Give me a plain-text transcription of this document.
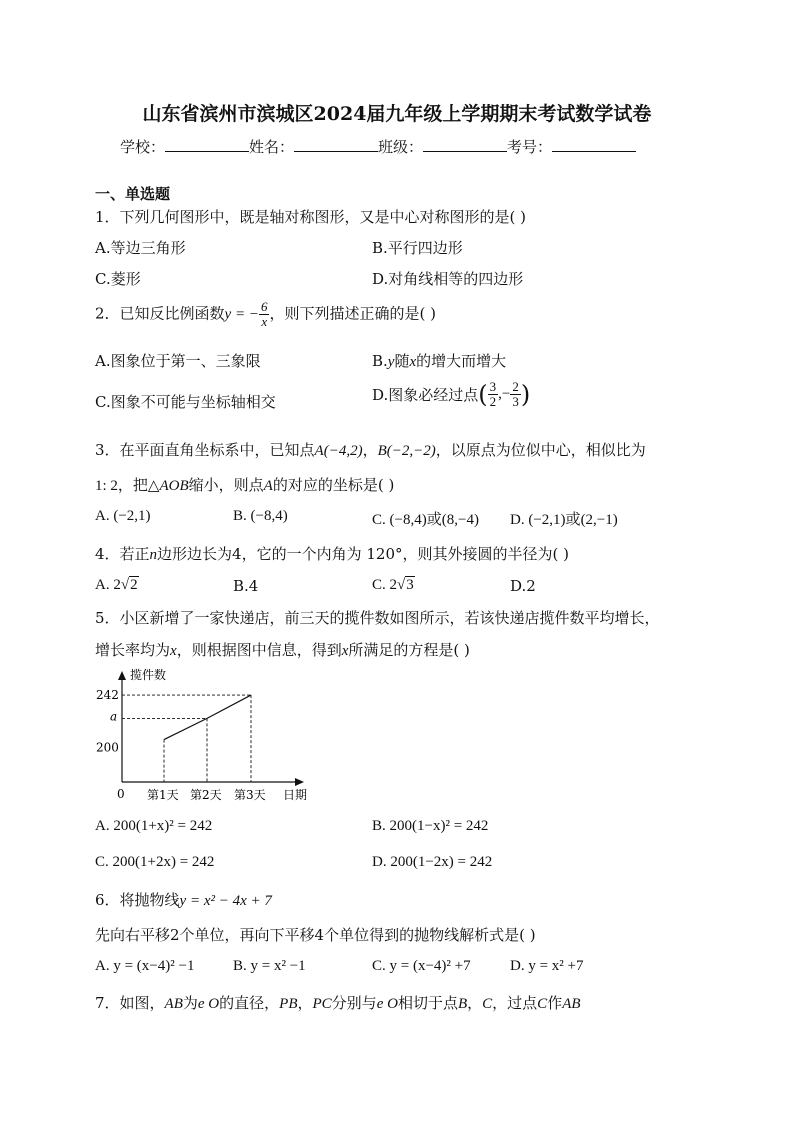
山东省滨州市滨城区2024届九年级上学期期末考试数学试卷
学校：	姓名：	班级：	考号：
一、单选题
1．下列几何图形中，既是轴对称图形，又是中心对称图形的是( )
A.等边三角形	B.平行四边形
C.菱形	D.对角线相等的四边形
2．已知反比例函数y = − $\frac{6}{x}$ ，则下列描述正确的是( )
A.图象位于第一、三象限	B.y随x的增大而增大
C.图象不可能与坐标轴相交	D.图象必经过点( $\frac{3}{2}$ ,− $\frac{2}{3}$ )
3．在平面直角坐标系中，已知点A(−4,2)，B(−2,−2)，以原点为位似中心，相似比为
1: 2，把△AOB缩小，则点A的对应的坐标是( )
A. (−2,1)	B. (−8,4)	C. (−8,4)或(8,−4) D. (−2,1)或(2,−1)
4．若正n边形边长为4，它的一个内角为 120°，则其外接圆的半径为( )
A. 2√2	B.4	C. 2√3	D.2
5．小区新增了一家快递店，前三天的揽件数如图所示，若该快递店揽件数平均增长，
增长率均为x，则根据图中信息，得到x所满足的方程是( )
揽件数
日期
0
242
a
200
第1天 第2天 第3天
A. 200(1+x)² = 242	B. 200(1−x)² = 242
C. 200(1+2x) = 242	D. 200(1−2x) = 242
6．将抛物线y = x² − 4x + 7
先向右平移2个单位，再向下平移4个单位得到的抛物线解析式是( )
A. y = (x−4)² −1	B. y = x² −1	C. y = (x−4)² +7	D. y = x² +7
7．如图，AB为e O的直径，PB，PC分别与e O相切于点B，C，过点C作AB
